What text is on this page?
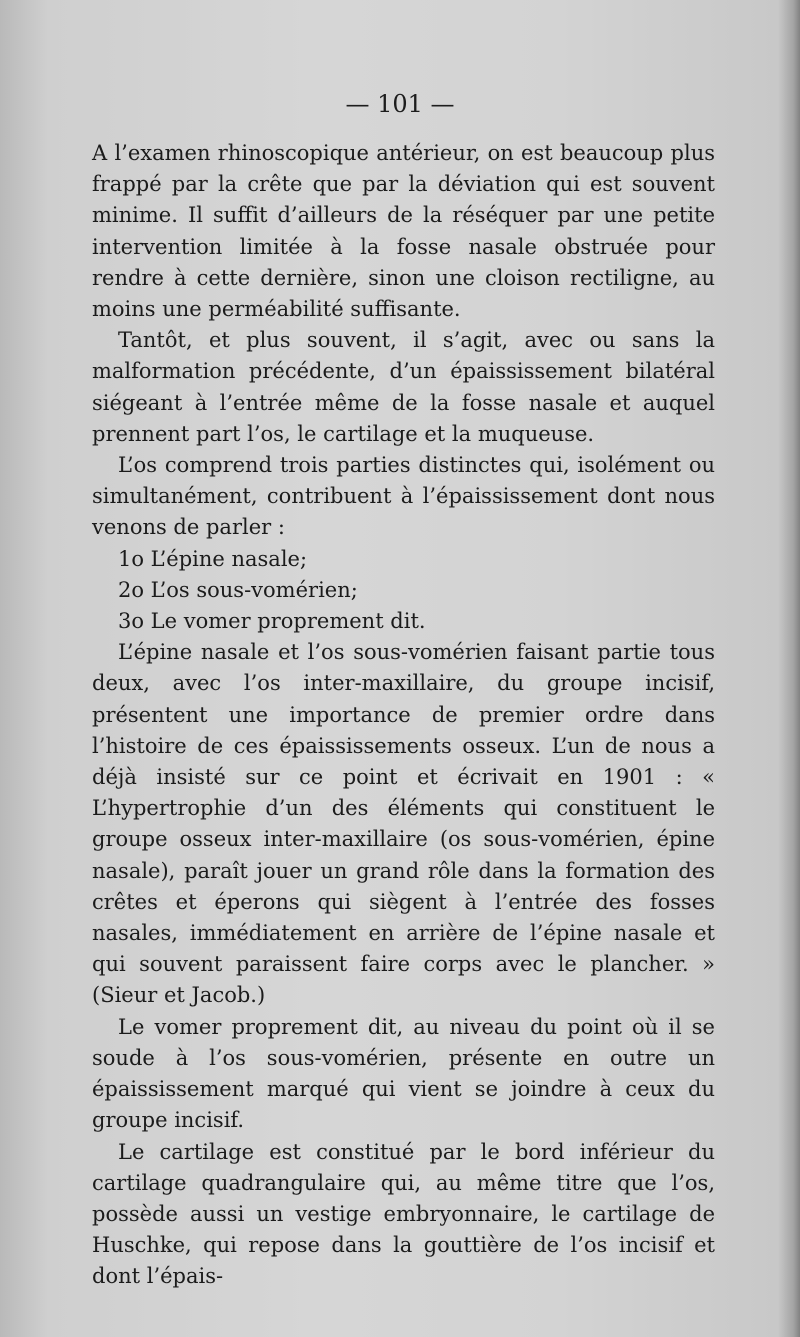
— 101 —

A l’examen rhinoscopique antérieur, on est beaucoup plus frappé par la crête que par la déviation qui est souvent minime. Il suffit d’ailleurs de la réséquer par une petite intervention limitée à la fosse nasale obstruée pour rendre à cette dernière, sinon une cloison rectiligne, au moins une perméabilité suffisante.

Tantôt, et plus souvent, il s’agit, avec ou sans la malformation précédente, d’un épaississement bilatéral siégeant à l’entrée même de la fosse nasale et auquel prennent part l’os, le cartilage et la muqueuse.

L’os comprend trois parties distinctes qui, isolément ou simultanément, contribuent à l’épaississement dont nous venons de parler :

1o L’épine nasale;

2o L’os sous-vomérien;

3o Le vomer proprement dit.

L’épine nasale et l’os sous-vomérien faisant partie tous deux, avec l’os inter-maxillaire, du groupe incisif, présentent une importance de premier ordre dans l’histoire de ces épaississements osseux. L’un de nous a déjà insisté sur ce point et écrivait en 1901 : « L’hypertrophie d’un des éléments qui constituent le groupe osseux inter-maxillaire (os sous-vomérien, épine nasale), paraît jouer un grand rôle dans la formation des crêtes et éperons qui siègent à l’entrée des fosses nasales, immédiatement en arrière de l’épine nasale et qui souvent paraissent faire corps avec le plancher. » (Sieur et Jacob.)

Le vomer proprement dit, au niveau du point où il se soude à l’os sous-vomérien, présente en outre un épaississement marqué qui vient se joindre à ceux du groupe incisif.

Le cartilage est constitué par le bord inférieur du cartilage quadrangulaire qui, au même titre que l’os, possède aussi un vestige embryonnaire, le cartilage de Huschke, qui repose dans la gouttière de l’os incisif et dont l’épais-
